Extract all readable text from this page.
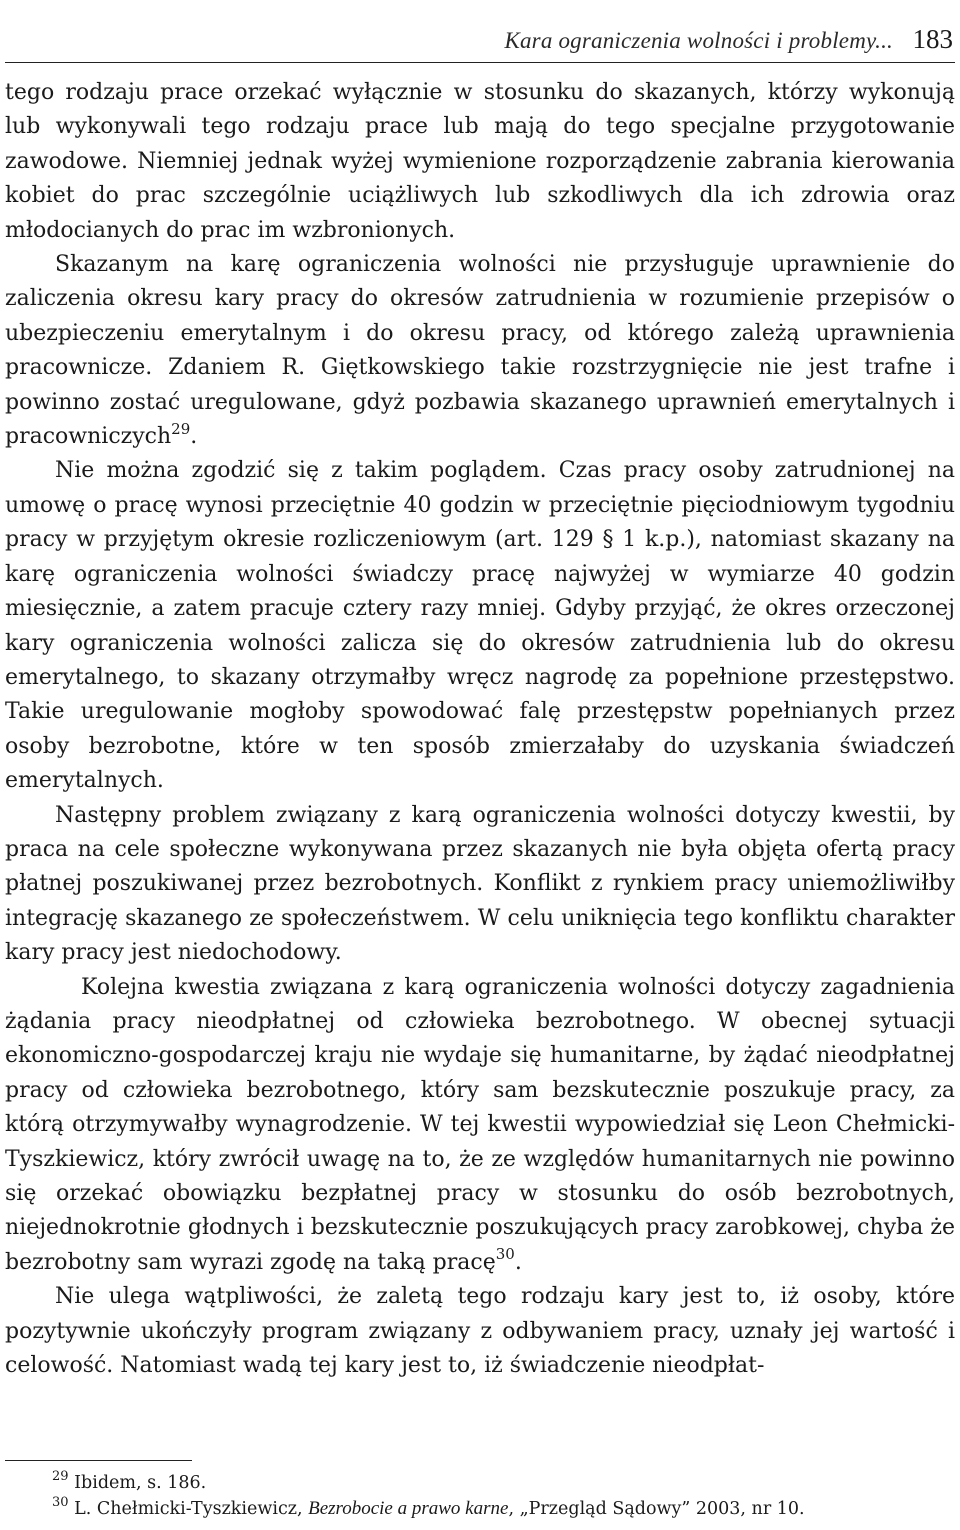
Kara ograniczenia wolności i problemy... 183

tego rodzaju prace orzekać wyłącznie w stosunku do skazanych, którzy wykonują lub wykonywali tego rodzaju prace lub mają do tego specjalne przygotowanie zawodowe. Niemniej jednak wyżej wymienione rozporządzenie zabrania kierowania kobiet do prac szczególnie uciążliwych lub szkodliwych dla ich zdrowia oraz młodocianych do prac im wzbronionych.

Skazanym na karę ograniczenia wolności nie przysługuje uprawnienie do zaliczenia okresu kary pracy do okresów zatrudnienia w rozumienie przepisów o ubezpieczeniu emerytalnym i do okresu pracy, od którego zależą uprawnienia pracownicze. Zdaniem R. Giętkowskiego takie rozstrzygnięcie nie jest trafne i powinno zostać uregulowane, gdyż pozbawia skazanego uprawnień emerytalnych i pracowniczych$^{29}$.

Nie można zgodzić się z takim poglądem. Czas pracy osoby zatrudnionej na umowę o pracę wynosi przeciętnie 40 godzin w przeciętnie pięciodniowym tygodniu pracy w przyjętym okresie rozliczeniowym (art. 129 § 1 k.p.), natomiast skazany na karę ograniczenia wolności świadczy pracę najwyżej w wymiarze 40 godzin miesięcznie, a zatem pracuje cztery razy mniej. Gdyby przyjąć, że okres orzeczonej kary ograniczenia wolności zalicza się do okresów zatrudnienia lub do okresu emerytalnego, to skazany otrzymałby wręcz nagrodę za popełnione przestępstwo. Takie uregulowanie mogłoby spowodować falę przestępstw popełnianych przez osoby bezrobotne, które w ten sposób zmierzałaby do uzyskania świadczeń emerytalnych.

Następny problem związany z karą ograniczenia wolności dotyczy kwestii, by praca na cele społeczne wykonywana przez skazanych nie była objęta ofertą pracy płatnej poszukiwanej przez bezrobotnych. Konflikt z rynkiem pracy uniemożliwiłby integrację skazanego ze społeczeństwem. W celu uniknięcia tego konfliktu charakter kary pracy jest niedochodowy.

Kolejna kwestia związana z karą ograniczenia wolności dotyczy zagadnienia żądania pracy nieodpłatnej od człowieka bezrobotnego. W obecnej sytuacji ekonomiczno-gospodarczej kraju nie wydaje się humanitarne, by żądać nieodpłatnej pracy od człowieka bezrobotnego, który sam bezskutecznie poszukuje pracy, za którą otrzymywałby wynagrodzenie. W tej kwestii wypowiedział się Leon Chełmicki-Tyszkiewicz, który zwrócił uwagę na to, że ze względów humanitarnych nie powinno się orzekać obowiązku bezpłatnej pracy w stosunku do osób bezrobotnych, niejednokrotnie głodnych i bezskutecznie poszukujących pracy zarobkowej, chyba że bezrobotny sam wyrazi zgodę na taką pracę$^{30}$.

Nie ulega wątpliwości, że zaletą tego rodzaju kary jest to, iż osoby, które pozytywnie ukończyły program związany z odbywaniem pracy, uznały jej wartość i celowość. Natomiast wadą tej kary jest to, iż świadczenie nieodpłat-

$^{29}$ Ibidem, s. 186.

$^{30}$ L. Chełmicki-Tyszkiewicz, Bezrobocie a prawo karne, „Przegląd Sądowy” 2003, nr 10.
